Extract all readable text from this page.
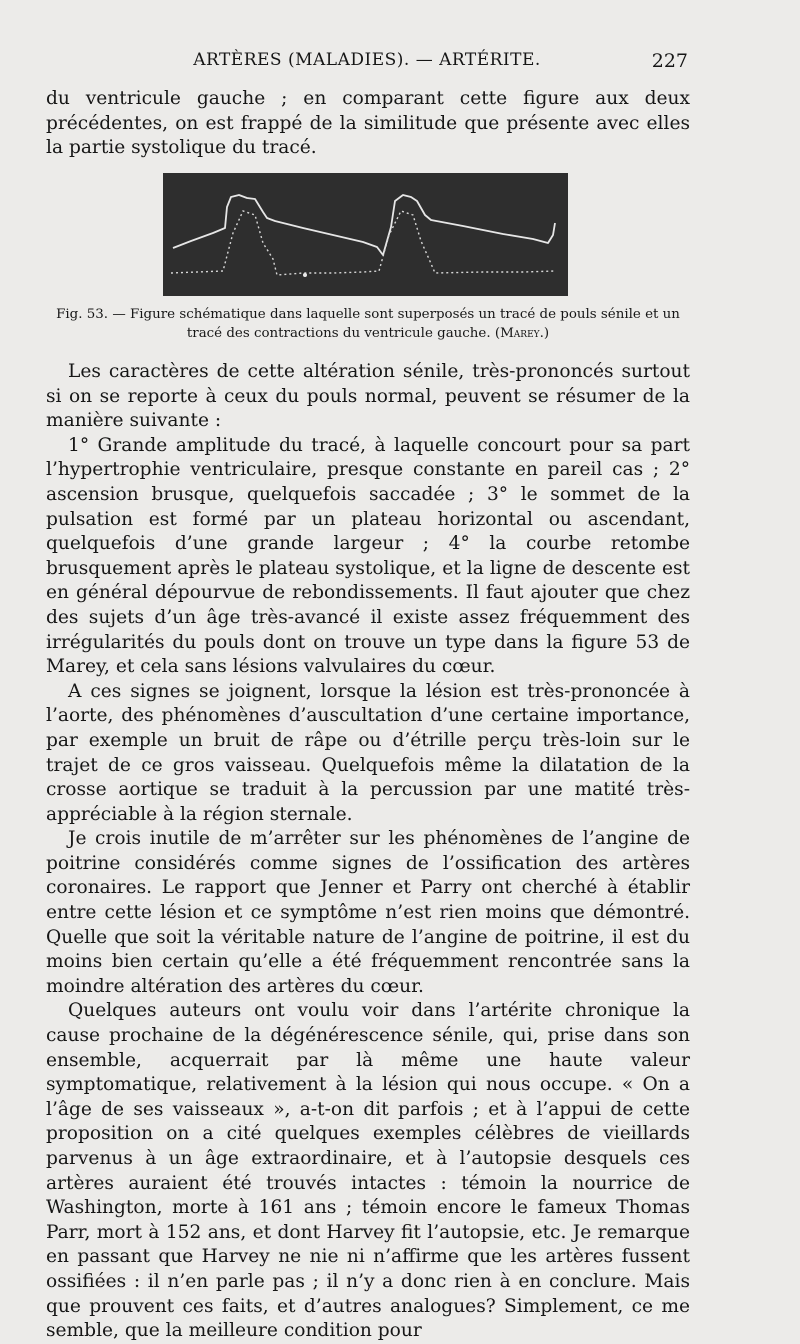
ARTÈRES (MALADIES). — ARTÉRITE.	227

du ventricule gauche ; en comparant cette figure aux deux précédentes, on est frappé de la similitude que présente avec elles la partie systolique du tracé.

Fig. 53. — Figure schématique dans laquelle sont superposés un tracé de pouls sénile et un tracé des contractions du ventricule gauche. (Marey.)

Les caractères de cette altération sénile, très-prononcés surtout si on se reporte à ceux du pouls normal, peuvent se résumer de la manière suivante :

1° Grande amplitude du tracé, à laquelle concourt pour sa part l’hypertrophie ventriculaire, presque constante en pareil cas ; 2° ascension brusque, quelquefois saccadée ; 3° le sommet de la pulsation est formé par un plateau horizontal ou ascendant, quelquefois d’une grande largeur ; 4° la courbe retombe brusquement après le plateau systolique, et la ligne de descente est en général dépourvue de rebondissements. Il faut ajouter que chez des sujets d’un âge très-avancé il existe assez fréquemment des irrégularités du pouls dont on trouve un type dans la figure 53 de Marey, et cela sans lésions valvulaires du cœur.

A ces signes se joignent, lorsque la lésion est très-prononcée à l’aorte, des phénomènes d’auscultation d’une certaine importance, par exemple un bruit de râpe ou d’étrille perçu très-loin sur le trajet de ce gros vaisseau. Quelquefois même la dilatation de la crosse aortique se traduit à la percussion par une matité très-appréciable à la région sternale.

Je crois inutile de m’arrêter sur les phénomènes de l’angine de poitrine considérés comme signes de l’ossification des artères coronaires. Le rapport que Jenner et Parry ont cherché à établir entre cette lésion et ce symptôme n’est rien moins que démontré. Quelle que soit la véritable nature de l’angine de poitrine, il est du moins bien certain qu’elle a été fréquemment rencontrée sans la moindre altération des artères du cœur.

Quelques auteurs ont voulu voir dans l’artérite chronique la cause prochaine de la dégénérescence sénile, qui, prise dans son ensemble, acquerrait par là même une haute valeur symptomatique, relativement à la lésion qui nous occupe. « On a l’âge de ses vaisseaux », a-t-on dit parfois ; et à l’appui de cette proposition on a cité quelques exemples célèbres de vieillards parvenus à un âge extraordinaire, et à l’autopsie desquels ces artères auraient été trouvés intactes : témoin la nourrice de Washington, morte à 161 ans ; témoin encore le fameux Thomas Parr, mort à 152 ans, et dont Harvey fit l’autopsie, etc. Je remarque en passant que Harvey ne nie ni n’affirme que les artères fussent ossifiées : il n’en parle pas ; il n’y a donc rien à en conclure. Mais que prouvent ces faits, et d’autres analogues? Simplement, ce me semble, que la meilleure condition pour
